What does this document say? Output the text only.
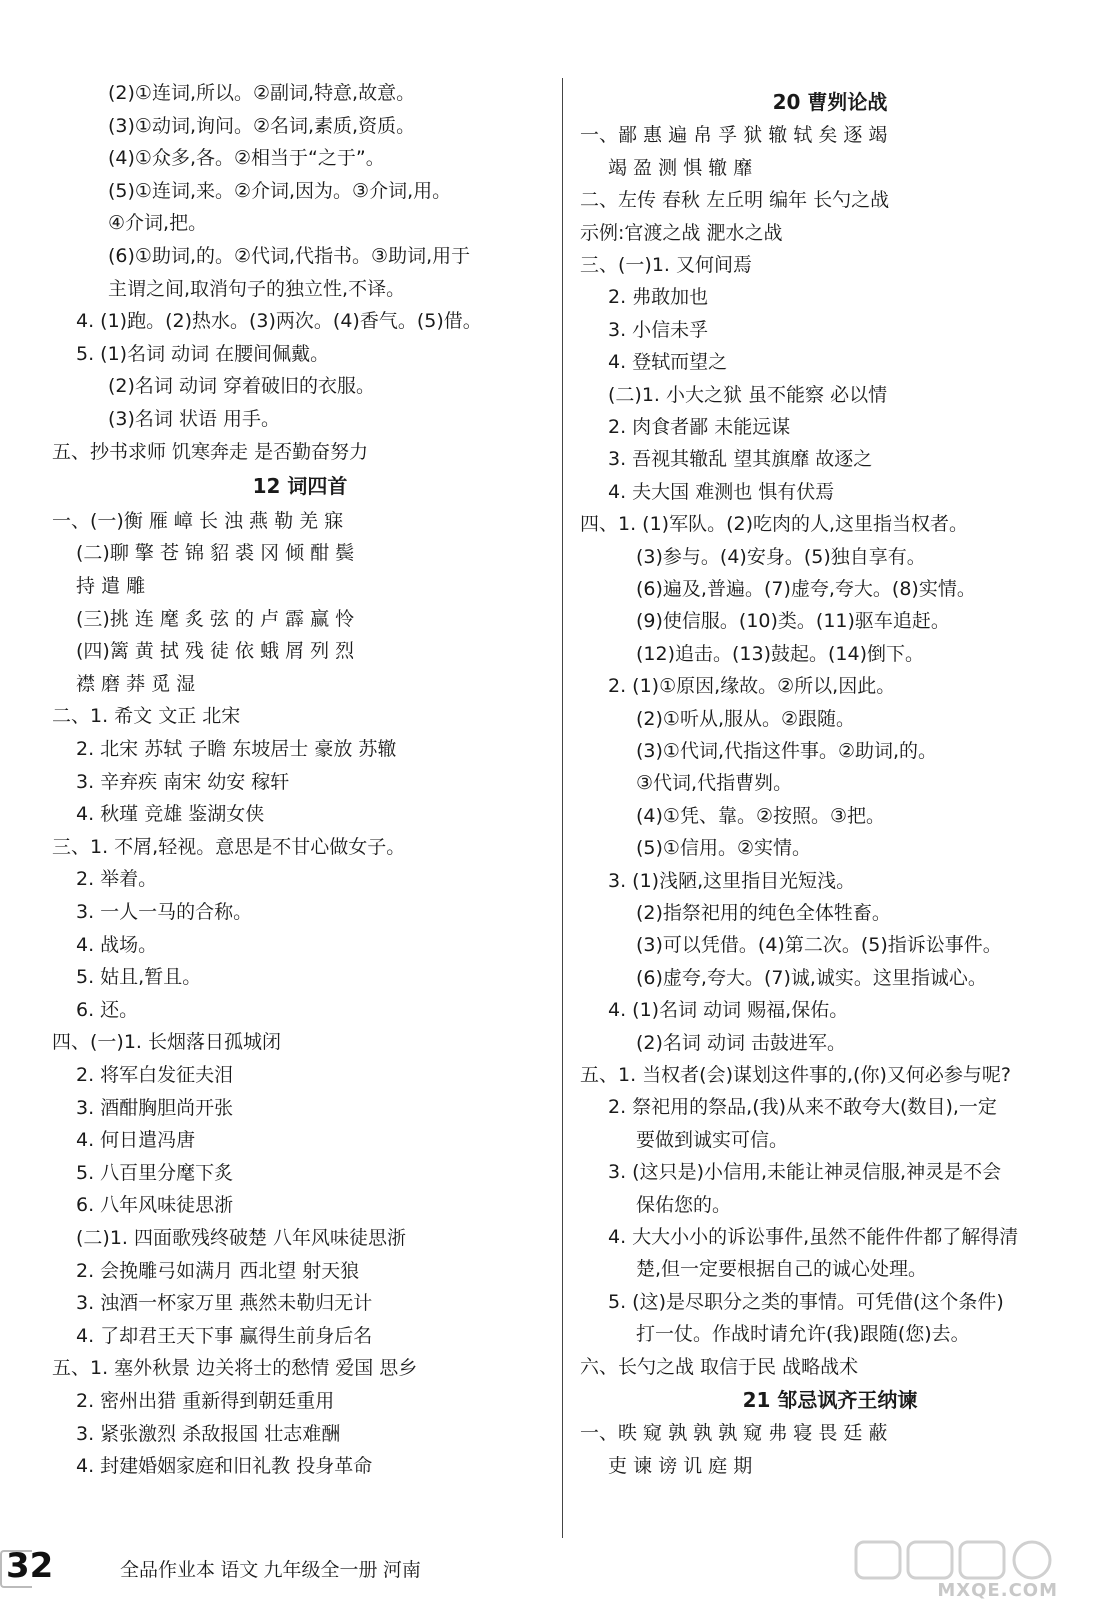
(2)①连词,所以。②副词,特意,故意。
(3)①动词,询问。②名词,素质,资质。
(4)①众多,各。②相当于“之于”。
(5)①连词,来。②介词,因为。③介词,用。
④介词,把。
(6)①助词,的。②代词,代指书。③助词,用于
主谓之间,取消句子的独立性,不译。
4. (1)跑。(2)热水。(3)两次。(4)香气。(5)借。
5. (1)名词 动词 在腰间佩戴。
(2)名词 动词 穿着破旧的衣服。
(3)名词 状语 用手。
五、抄书求师 饥寒奔走 是否勤奋努力
12 词四首
一、(一)衡 雁 嶂 长 浊 燕 勒 羌 寐
(二)聊 擎 苍 锦 貂 裘 冈 倾 酣 鬓
持 遣 雕
(三)挑 连 麾 炙 弦 的 卢 霹 赢 怜
(四)篱 黄 拭 残 徒 依 蛾 屑 列 烈
襟 磨 莽 觅 湿
二、1. 希文 文正 北宋
2. 北宋 苏轼 子瞻 东坡居士 豪放 苏辙
3. 辛弃疾 南宋 幼安 稼轩
4. 秋瑾 竞雄 鉴湖女侠
三、1. 不屑,轻视。意思是不甘心做女子。
2. 举着。
3. 一人一马的合称。
4. 战场。
5. 姑且,暂且。
6. 还。
四、(一)1. 长烟落日孤城闭
2. 将军白发征夫泪
3. 酒酣胸胆尚开张
4. 何日遣冯唐
5. 八百里分麾下炙
6. 八年风味徒思浙
(二)1. 四面歌残终破楚 八年风味徒思浙
2. 会挽雕弓如满月 西北望 射天狼
3. 浊酒一杯家万里 燕然未勒归无计
4. 了却君王天下事 赢得生前身后名
五、1. 塞外秋景 边关将士的愁情 爱国 思乡
2. 密州出猎 重新得到朝廷重用
3. 紧张激烈 杀敌报国 壮志难酬
4. 封建婚姻家庭和旧礼教 投身革命
20 曹刿论战
一、鄙 惠 遍 帛 孚 狱 辙 轼 矣 逐 竭
竭 盈 测 惧 辙 靡
二、左传 春秋 左丘明 编年 长勺之战
示例:官渡之战 淝水之战
三、(一)1. 又何间焉
2. 弗敢加也
3. 小信未孚
4. 登轼而望之
(二)1. 小大之狱 虽不能察 必以情
2. 肉食者鄙 未能远谋
3. 吾视其辙乱 望其旗靡 故逐之
4. 夫大国 难测也 惧有伏焉
四、1. (1)军队。(2)吃肉的人,这里指当权者。
(3)参与。(4)安身。(5)独自享有。
(6)遍及,普遍。(7)虚夸,夸大。(8)实情。
(9)使信服。(10)类。(11)驱车追赶。
(12)追击。(13)鼓起。(14)倒下。
2. (1)①原因,缘故。②所以,因此。
(2)①听从,服从。②跟随。
(3)①代词,代指这件事。②助词,的。
③代词,代指曹刿。
(4)①凭、靠。②按照。③把。
(5)①信用。②实情。
3. (1)浅陋,这里指目光短浅。
(2)指祭祀用的纯色全体牲畜。
(3)可以凭借。(4)第二次。(5)指诉讼事件。
(6)虚夸,夸大。(7)诚,诚实。这里指诚心。
4. (1)名词 动词 赐福,保佑。
(2)名词 动词 击鼓进军。
五、1. 当权者(会)谋划这件事的,(你)又何必参与呢?
2. 祭祀用的祭品,(我)从来不敢夸大(数目),一定
要做到诚实可信。
3. (这只是)小信用,未能让神灵信服,神灵是不会
保佑您的。
4. 大大小小的诉讼事件,虽然不能件件都了解得清
楚,但一定要根据自己的诚心处理。
5. (这)是尽职分之类的事情。可凭借(这个条件)
打一仗。作战时请允许(我)跟随(您)去。
六、长勺之战 取信于民 战略战术
21 邹忌讽齐王纳谏
一、昳 窥 孰 孰 孰 窥 弗 寝 畏 廷 蔽
吏 谏 谤 讥 庭 期
32	全品作业本 语文 九年级全一册 河南
MXQE.COM
